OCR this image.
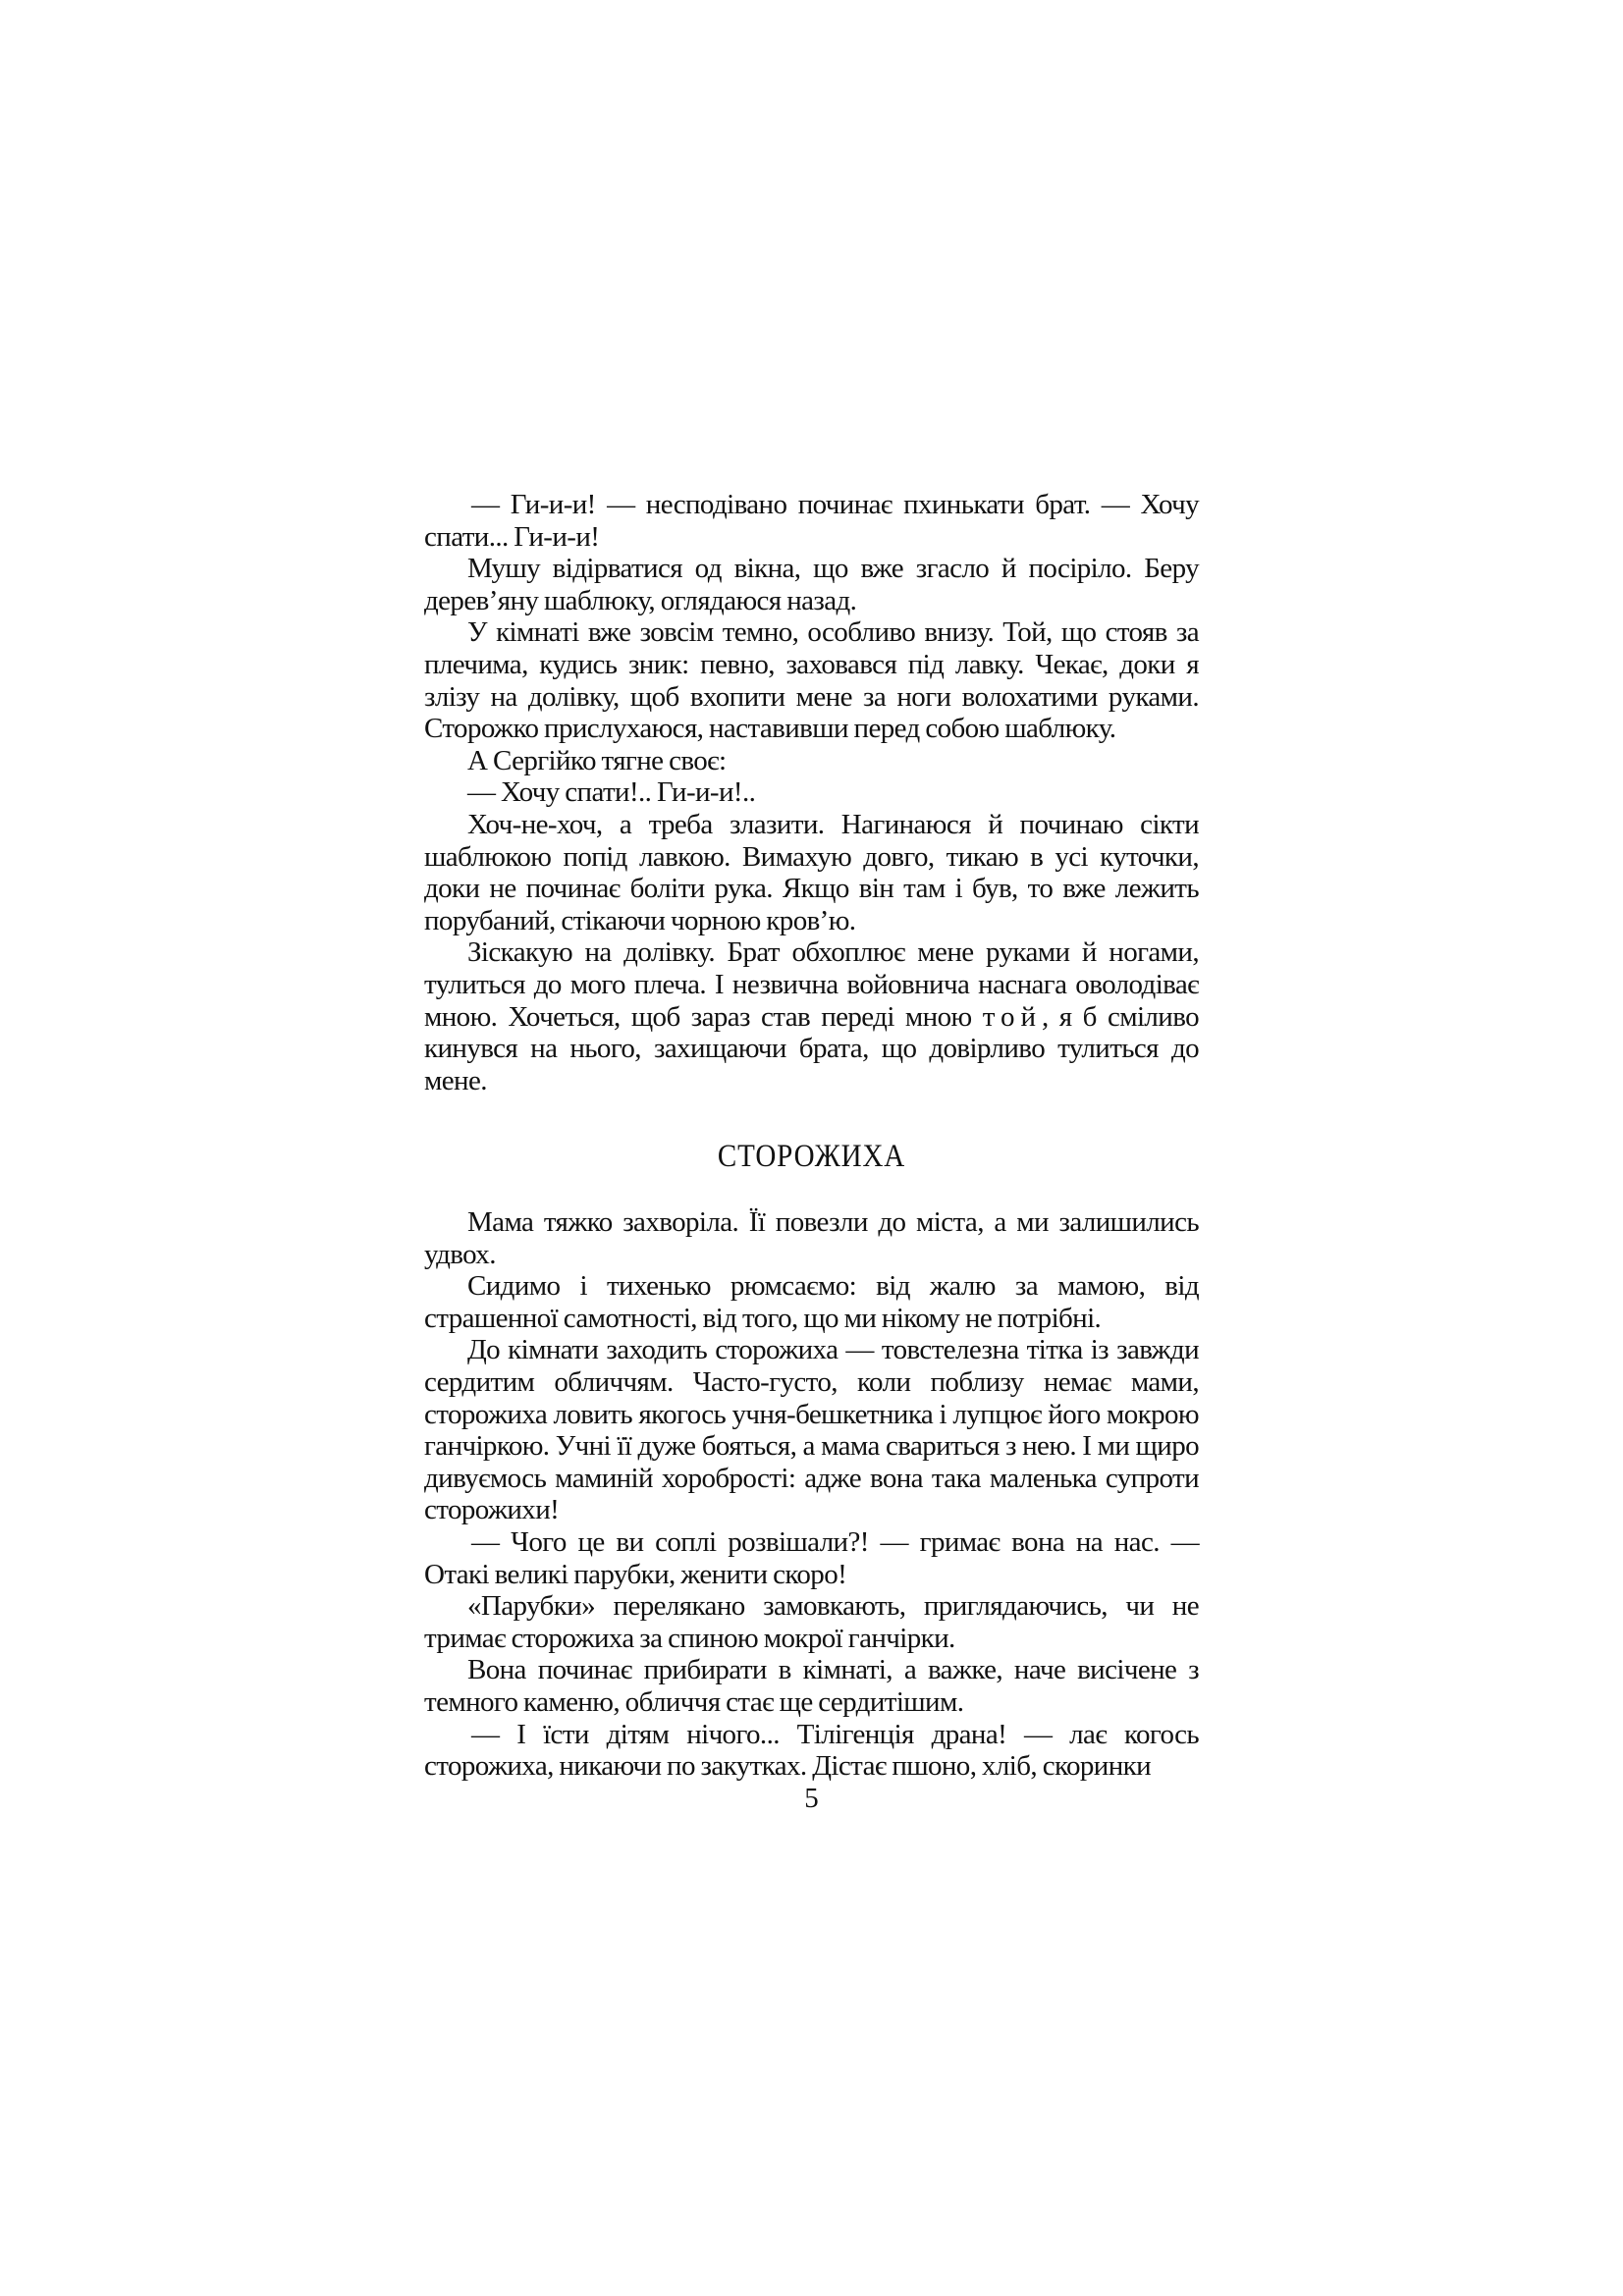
— Ги-и-и! — несподівано починає пхинькати брат. — Хочу спати... Ги-и-и!

Мушу відірватися од вікна, що вже згасло й посіріло. Беру дерев’яну шаблюку, оглядаюся назад.

У кімнаті вже зовсім темно, особливо внизу. Той, що стояв за плечима, кудись зник: певно, заховався під лавку. Чекає, доки я злізу на долівку, щоб вхопити мене за ноги волохатими руками. Сторожко прислухаюся, наставивши перед собою шаблюку.

А Сергійко тягне своє:

— Хочу спати!.. Ги-и-и!..

Хоч-не-хоч, а треба злазити. Нагинаюся й починаю сікти шаблюкою попід лавкою. Вимахую довго, тикаю в усі куточки, доки не починає боліти рука. Якщо він там і був, то вже лежить порубаний, стікаючи чорною кров’ю.

Зіскакую на долівку. Брат обхоплює мене руками й ногами, тулиться до мого плеча. І незвична войовнича наснага оволодіває мною. Хочеться, щоб зараз став переді мною той, я б сміливо кинувся на нього, захищаючи брата, що довірливо тулиться до мене.

СТОРОЖИХА

Мама тяжко захворіла. Її повезли до міста, а ми залишились удвох.

Сидимо і тихенько рюмсаємо: від жалю за мамою, від страшенної самотності, від того, що ми нікому не потрібні.

До кімнати заходить сторожиха — товстелезна тітка із завжди сердитим обличчям. Часто-густо, коли поблизу немає мами, сторожиха ловить якогось учня-бешкетника і лупцює його мокрою ганчіркою. Учні її дуже бояться, а мама свариться з нею. І ми щиро дивуємось маминій хоробрості: адже вона така маленька супроти сторожихи!

— Чого це ви соплі розвішали?! — гримає вона на нас. — Отакі великі парубки, женити скоро!

«Парубки» перелякано замовкають, приглядаючись, чи не тримає сторожиха за спиною мокрої ганчірки.

Вона починає прибирати в кімнаті, а важке, наче висічене з темного каменю, обличчя стає ще сердитішим.

— І їсти дітям нічого... Тілігенція драна! — лає когось сторожиха, никаючи по закутках. Дістає пшоно, хліб, скоринки

5
